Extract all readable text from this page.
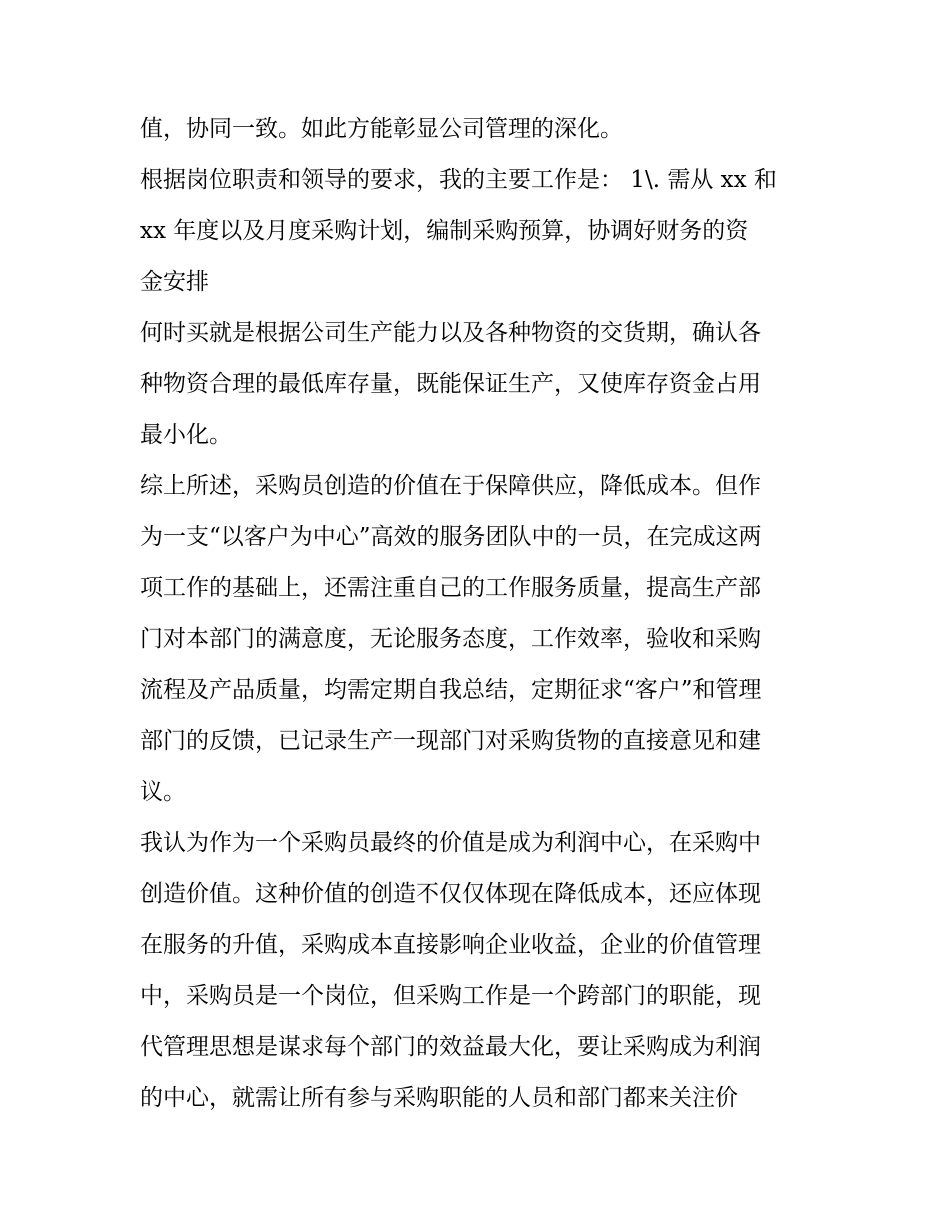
值，协同一致。如此方能彰显公司管理的深化。
根据岗位职责和领导的要求，我的主要工作是： 1\. 需从 xx 和
xx 年度以及月度采购计划，编制采购预算，协调好财务的资
金安排
何时买就是根据公司生产能力以及各种物资的交货期，确认各
种物资合理的最低库存量，既能保证生产，又使库存资金占用
最小化。
综上所述，采购员创造的价值在于保障供应，降低成本。但作
为一支“以客户为中心”高效的服务团队中的一员，在完成这两
项工作的基础上，还需注重自己的工作服务质量，提高生产部
门对本部门的满意度，无论服务态度，工作效率，验收和采购
流程及产品质量，均需定期自我总结，定期征求“客户”和管理
部门的反馈，已记录生产一现部门对采购货物的直接意见和建
议。
我认为作为一个采购员最终的价值是成为利润中心，在采购中
创造价值。这种价值的创造不仅仅体现在降低成本，还应体现
在服务的升值，采购成本直接影响企业收益，企业的价值管理
中，采购员是一个岗位，但采购工作是一个跨部门的职能，现
代管理思想是谋求每个部门的效益最大化，要让采购成为利润
的中心，就需让所有参与采购职能的人员和部门都来关注价
